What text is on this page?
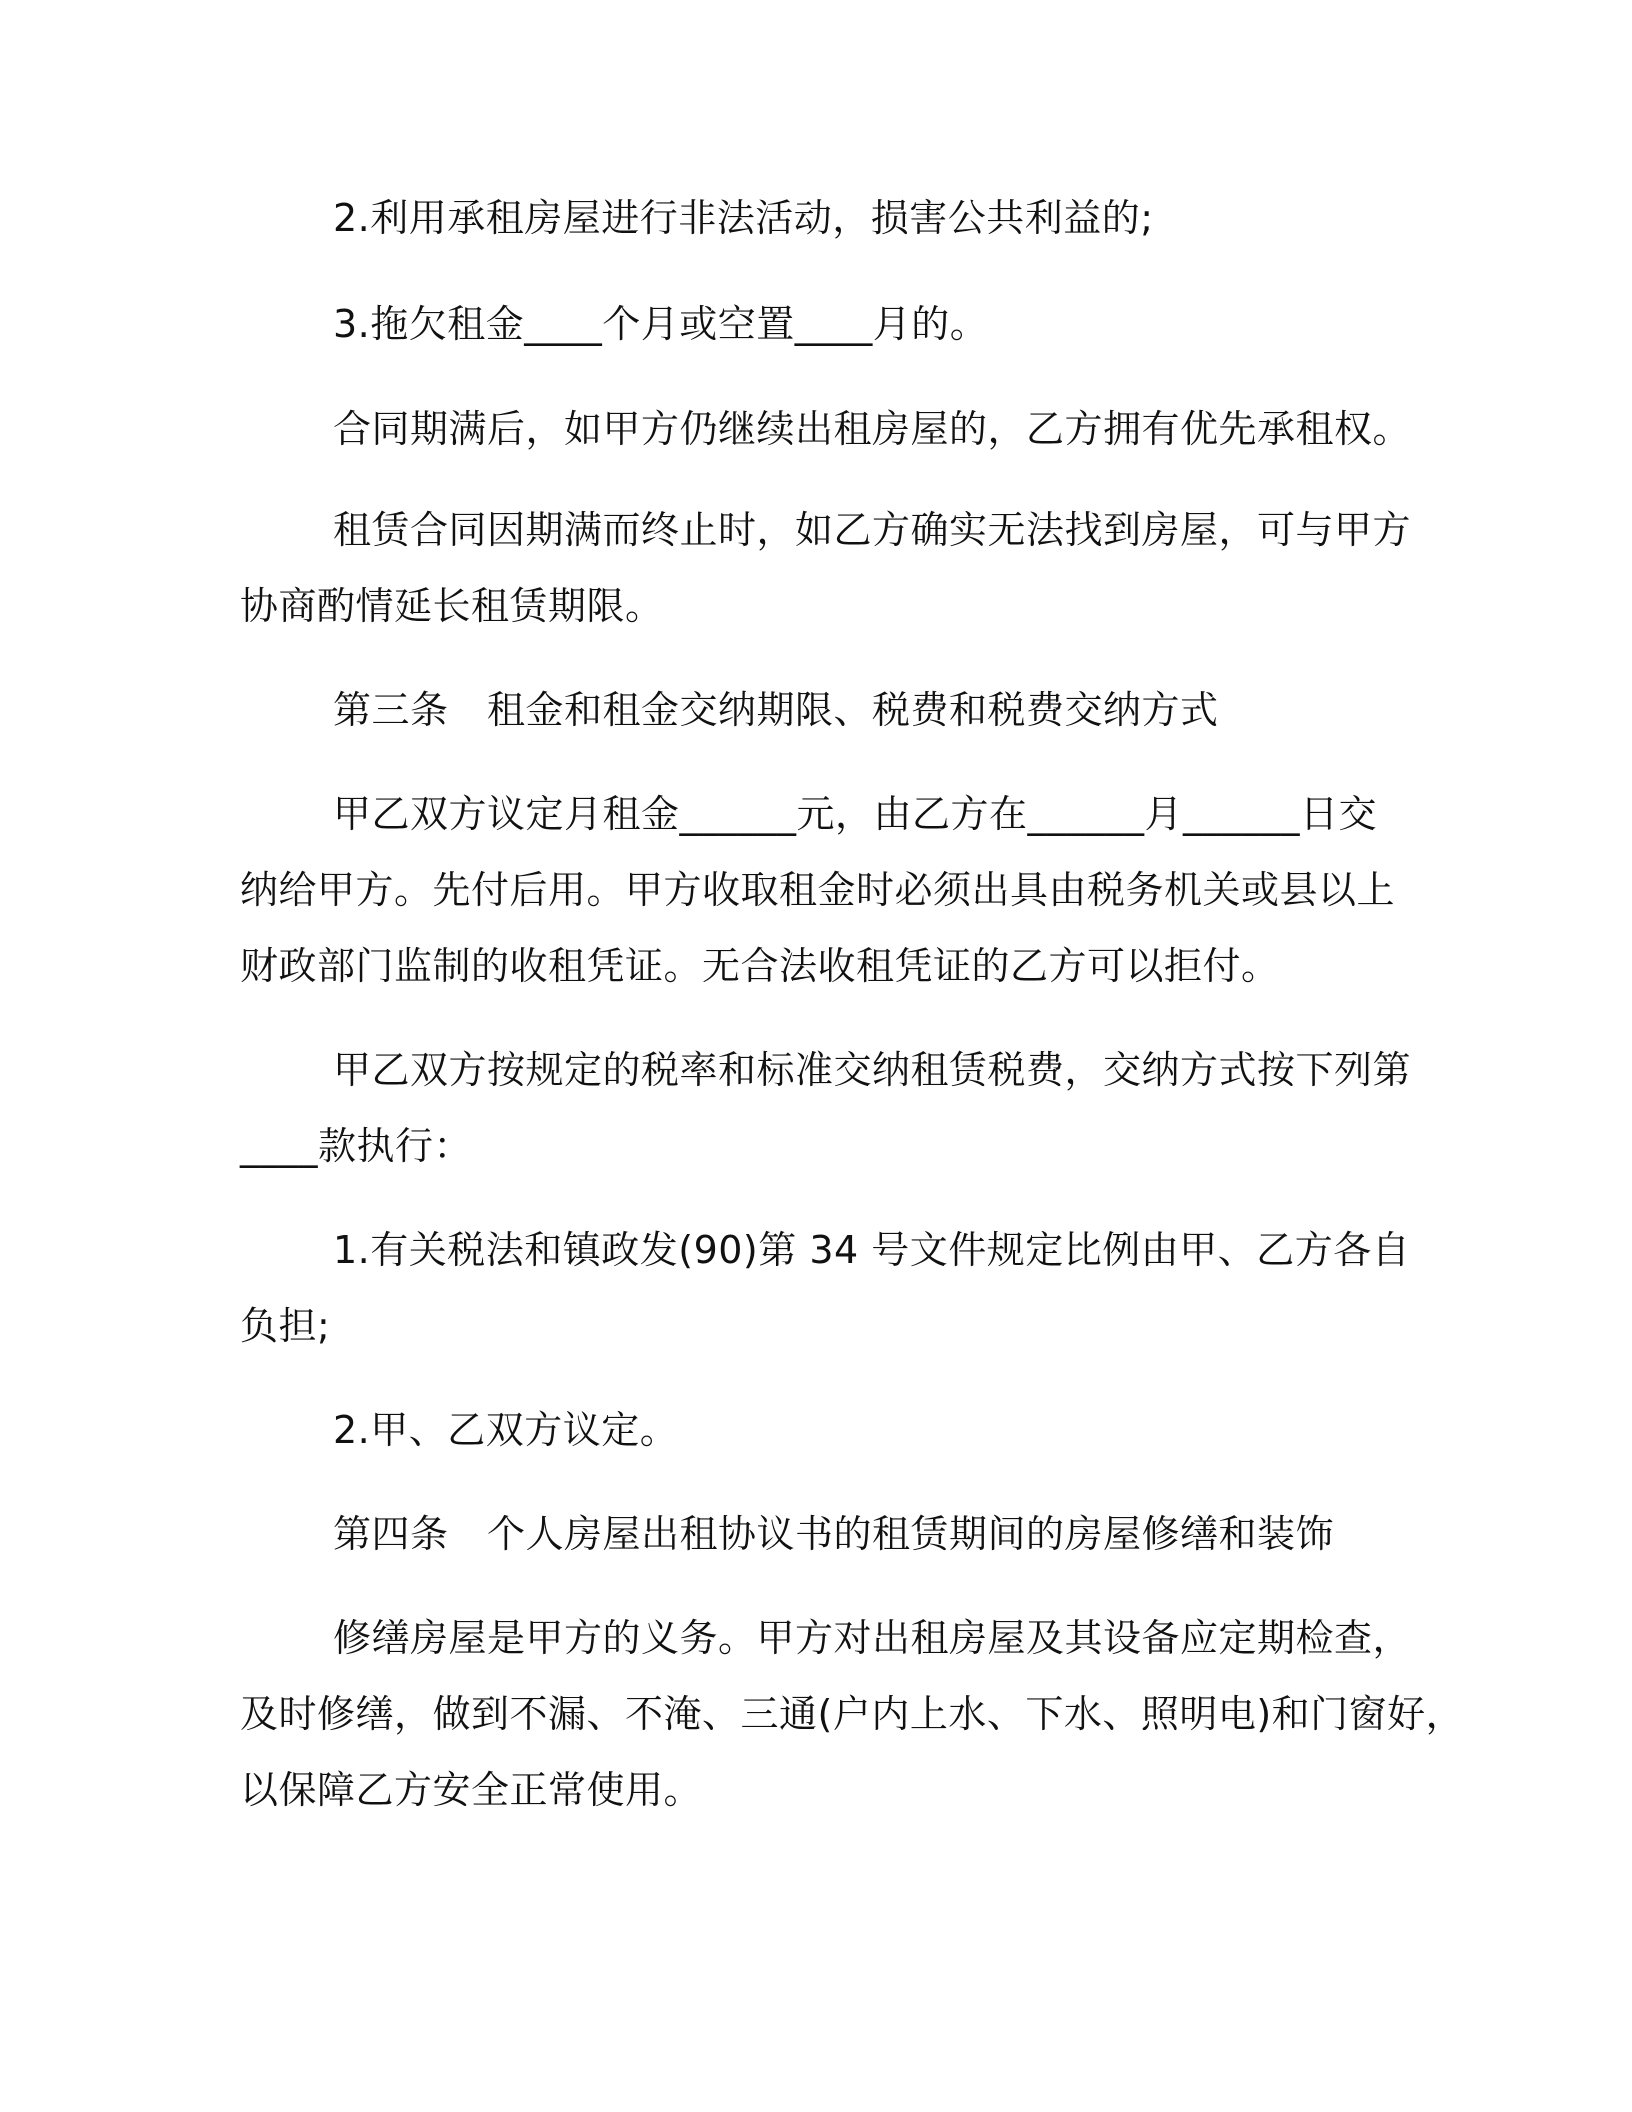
2.利用承租房屋进行非法活动，损害公共利益的;
3.拖欠租金____个月或空置____月的。
合同期满后，如甲方仍继续出租房屋的，乙方拥有优先承租权。
租赁合同因期满而终止时，如乙方确实无法找到房屋，可与甲方
协商酌情延长租赁期限。
第三条　租金和租金交纳期限、税费和税费交纳方式
甲乙双方议定月租金______元，由乙方在______月______日交
纳给甲方。先付后用。甲方收取租金时必须出具由税务机关或县以上
财政部门监制的收租凭证。无合法收租凭证的乙方可以拒付。
甲乙双方按规定的税率和标准交纳租赁税费，交纳方式按下列第
____款执行：
1.有关税法和镇政发(90)第 34 号文件规定比例由甲、乙方各自
负担;
2.甲、乙双方议定。
第四条　个人房屋出租协议书的租赁期间的房屋修缮和装饰
修缮房屋是甲方的义务。甲方对出租房屋及其设备应定期检查，
及时修缮，做到不漏、不淹、三通(户内上水、下水、照明电)和门窗好，
以保障乙方安全正常使用。
